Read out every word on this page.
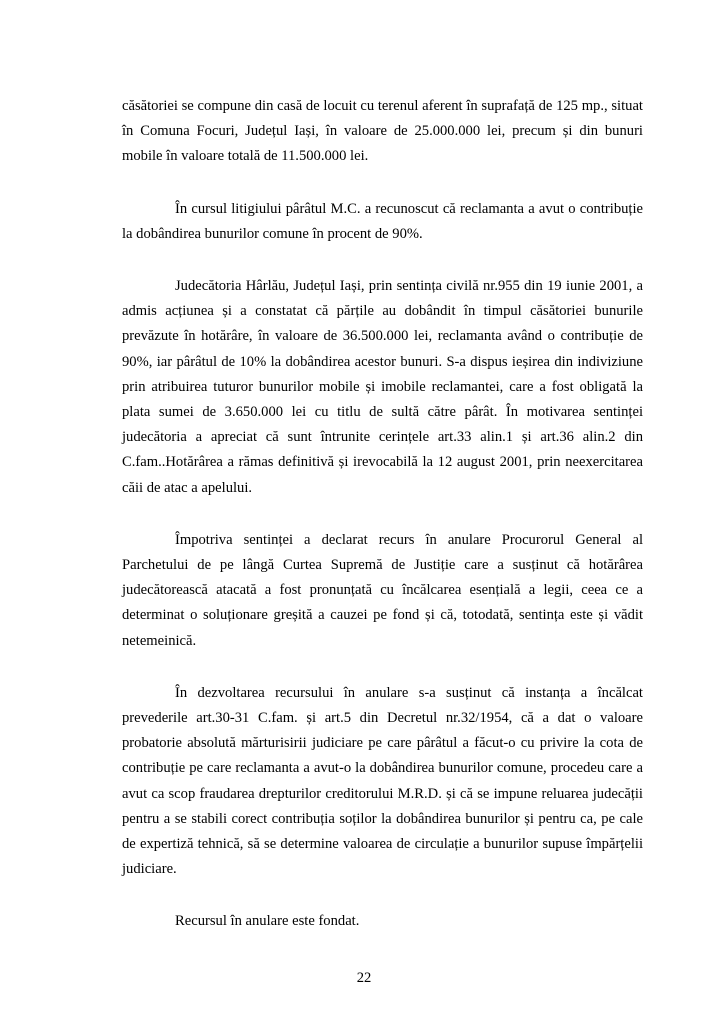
căsătoriei se compune din casă de locuit cu terenul aferent în suprafață de 125 mp., situat în Comuna Focuri, Județul Iași, în valoare de 25.000.000 lei, precum și din bunuri mobile în valoare totală de 11.500.000 lei.

În cursul litigiului pârâtul M.C. a recunoscut că reclamanta a avut o contribuție la dobândirea bunurilor comune în procent de 90%.

Judecătoria Hârlău, Județul Iași, prin sentința civilă nr.955 din 19 iunie 2001, a admis acțiunea și a constatat că părțile au dobândit în timpul căsătoriei bunurile prevăzute în hotărâre, în valoare de 36.500.000 lei, reclamanta având o contribuție de 90%, iar pârâtul de 10% la dobândirea acestor bunuri. S-a dispus ieșirea din indiviziune prin atribuirea tuturor bunurilor mobile și imobile reclamantei, care a fost obligată la plata sumei de 3.650.000 lei cu titlu de sultă către pârât. În motivarea sentinței judecătoria a apreciat că sunt întrunite cerințele art.33 alin.1 și art.36 alin.2 din C.fam..Hotărârea a rămas definitivă și irevocabilă la 12 august 2001, prin neexercitarea căii de atac a apelului.

Împotriva sentinței a declarat recurs în anulare Procurorul General al Parchetului de pe lângă Curtea Supremă de Justiție care a susținut că hotărârea judecătorească atacată a fost pronunțată cu încălcarea esențială a legii, ceea ce a determinat o soluționare greșită a cauzei pe fond și că, totodată, sentința este și vădit netemeinică.

În dezvoltarea recursului în anulare s-a susținut că instanța a încălcat prevederile art.30-31 C.fam. și art.5 din Decretul nr.32/1954, că a dat o valoare probatorie absolută mărturisirii judiciare pe care pârâtul a făcut-o cu privire la cota de contribuție pe care reclamanta a avut-o la dobândirea bunurilor comune, procedeu care a avut ca scop fraudarea drepturilor creditorului M.R.D. și că se impune reluarea judecății pentru a se stabili corect contribuția soților la dobândirea bunurilor și pentru ca, pe cale de expertiză tehnică, să se determine valoarea de circulație a bunurilor supuse împărțelii judiciare.

Recursul în anulare este fondat.

22
